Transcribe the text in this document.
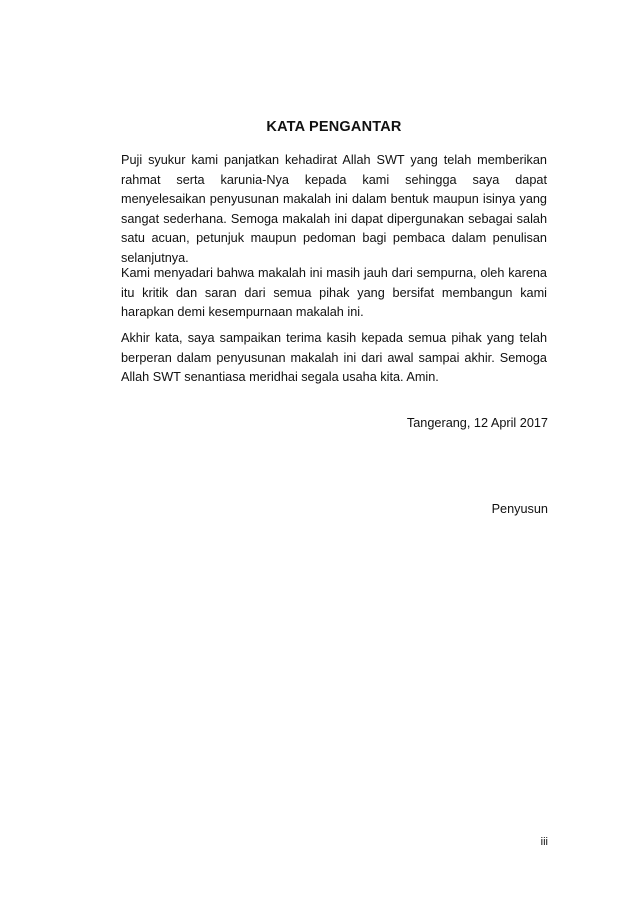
KATA PENGANTAR

Puji syukur kami panjatkan kehadirat Allah SWT yang telah memberikan rahmat serta karunia-Nya kepada kami sehingga saya dapat menyelesaikan penyusunan makalah ini dalam bentuk maupun isinya yang sangat sederhana. Semoga makalah ini dapat dipergunakan sebagai salah satu acuan, petunjuk maupun pedoman bagi pembaca dalam penulisan selanjutnya.

Kami menyadari bahwa makalah ini masih jauh dari sempurna, oleh karena itu kritik dan saran dari semua pihak yang bersifat membangun kami harapkan demi kesempurnaan makalah ini.

Akhir kata, saya sampaikan terima kasih kepada semua pihak yang telah berperan dalam penyusunan makalah ini dari awal sampai akhir. Semoga Allah SWT senantiasa meridhai segala usaha kita. Amin.

Tangerang, 12 April 2017

Penyusun

iii
